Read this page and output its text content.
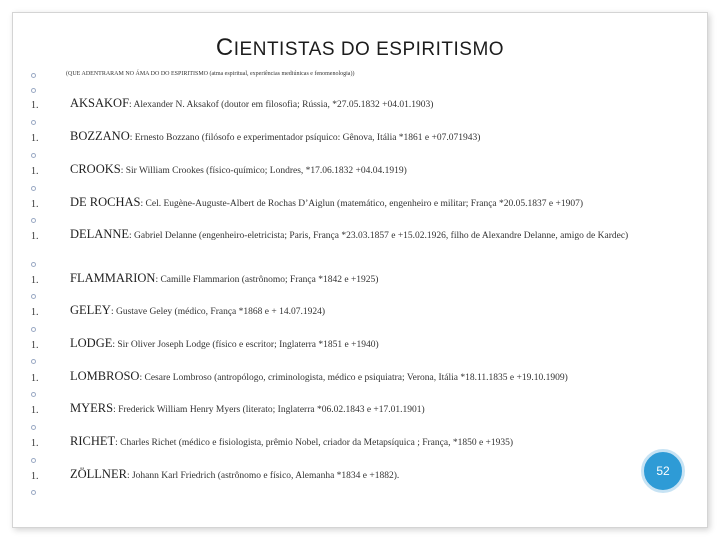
CIENTISTAS DO ESPIRITISMO
(QUE ADENTRARAM NO ÁMA DO DO ESPIRITISMO (atma espiritual, experiências mediúnicas e fenomenologia))
1.	AKSAKOF: Alexander N. Aksakof (doutor em filosofia; Rússia, *27.05.1832 +04.01.1903)
1.	BOZZANO: Ernesto Bozzano (filósofo e experimentador psíquico: Gênova, Itália *1861 e +07.071943)
1.	CROOKS: Sir William Crookes (físico-químico; Londres, *17.06.1832 +04.04.1919)
1.	DE ROCHAS: Cel. Eugène-Auguste-Albert de Rochas D’Aiglun (matemático, engenheiro e militar; França *20.05.1837 e +1907)
1.	DELANNE: Gabriel Delanne (engenheiro-eletricista; Paris, França *23.03.1857 e +15.02.1926, filho de Alexandre Delanne, amigo de Kardec)
1.	FLAMMARION: Camille Flammarion (astrônomo; França *1842 e +1925)
1.	GELEY: Gustave Geley (médico, França *1868 e + 14.07.1924)
1.	LODGE: Sir Oliver Joseph Lodge (físico e escritor; Inglaterra *1851 e +1940)
1.	LOMBROSO: Cesare Lombroso (antropólogo, criminologista, médico e psiquiatra; Verona, Itália *18.11.1835 e +19.10.1909)
1.	MYERS: Frederick William Henry Myers (literato; Inglaterra *06.02.1843 e +17.01.1901)
1.	RICHET: Charles Richet (médico e fisiologista, prêmio Nobel, criador da Metapsíquica ; França, *1850 e +1935)
1.	ZÖLLNER: Johann Karl Friedrich (astrônomo e físico, Alemanha *1834 e +1882).	52
